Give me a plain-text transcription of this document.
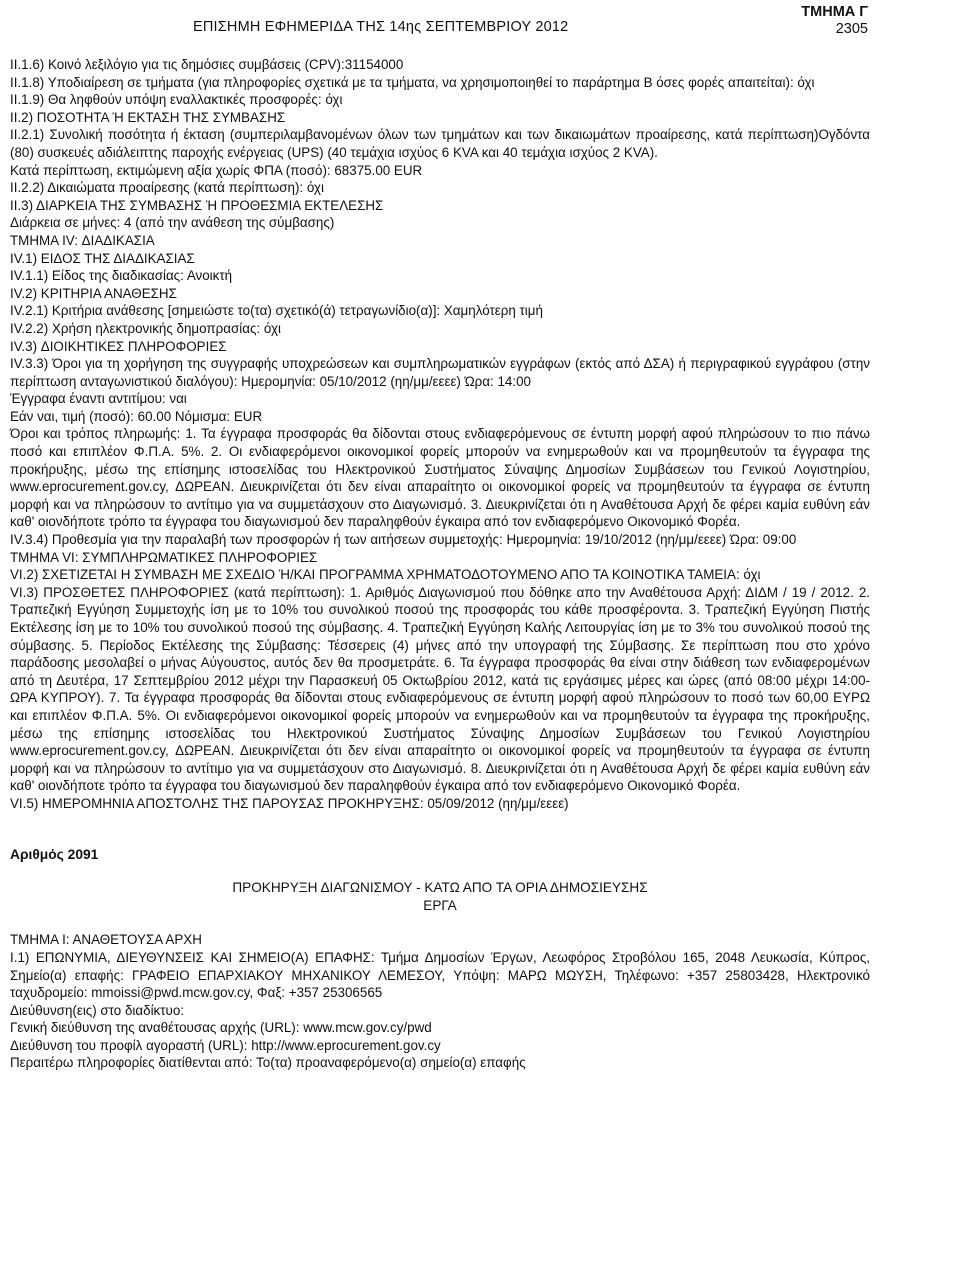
ΕΠΙΣΗΜΗ ΕΦΗΜΕΡΙΔΑ ΤΗΣ 14ης ΣΕΠΤΕΜΒΡΙΟΥ 2012
ΤΜΗΜΑ Γ
2305

ΙΙ.1.6) Κοινό λεξιλόγιο για τις δημόσιες συμβάσεις (CPV):31154000

ΙΙ.1.8) Υποδιαίρεση σε τμήματα (για πληροφορίες σχετικά με τα τμήματα, να χρησιμοποιηθεί το παράρτημα Β όσες φορές απαιτείται): όχι

ΙΙ.1.9) Θα ληφθούν υπόψη εναλλακτικές προσφορές: όχι

ΙΙ.2) ΠΟΣΟΤΗΤΑ Ή ΕΚΤΑΣΗ ΤΗΣ ΣΥΜΒΑΣΗΣ

ΙΙ.2.1) Συνολική ποσότητα ή έκταση (συμπεριλαμβανομένων όλων των τμημάτων και των δικαιωμάτων προαίρεσης, κατά περίπτωση)Ογδόντα (80) συσκευές αδιάλειπτης παροχής ενέργειας (UPS) (40 τεμάχια ισχύος 6 KVA και 40 τεμάχια ισχύος 2 KVA).

Κατά περίπτωση, εκτιμώμενη αξία χωρίς ΦΠΑ (ποσό): 68375.00 EUR

ΙΙ.2.2) Δικαιώματα προαίρεσης (κατά περίπτωση): όχι

ΙΙ.3) ΔΙΑΡΚΕΙΑ ΤΗΣ ΣΥΜΒΑΣΗΣ Ή ΠΡΟΘΕΣΜΙΑ ΕΚΤΕΛΕΣΗΣ

Διάρκεια σε μήνες: 4 (από την ανάθεση της σύμβασης)

ΤΜΗΜΑ IV: ΔΙΑΔΙΚΑΣΙΑ

IV.1) ΕΙΔΟΣ ΤΗΣ ΔΙΑΔΙΚΑΣΙΑΣ

IV.1.1) Είδος της διαδικασίας: Ανοικτή

IV.2) ΚΡΙΤΗΡΙΑ ΑΝΑΘΕΣΗΣ

IV.2.1) Κριτήρια ανάθεσης [σημειώστε το(τα) σχετικό(ά) τετραγωνίδιο(α)]: Χαμηλότερη τιμή

IV.2.2) Χρήση ηλεκτρονικής δημοπρασίας: όχι

IV.3) ΔΙΟΙΚΗΤΙΚΕΣ ΠΛΗΡΟΦΟΡΙΕΣ

IV.3.3) Όροι για τη χορήγηση της συγγραφής υποχρεώσεων και συμπληρωματικών εγγράφων (εκτός από ΔΣΑ) ή περιγραφικού εγγράφου (στην περίπτωση ανταγωνιστικού διαλόγου): Ημερομηνία: 05/10/2012 (ηη/μμ/εεεε) Ώρα: 14:00

Έγγραφα έναντι αντιτίμου: ναι

Εάν ναι, τιμή (ποσό): 60.00 Νόμισμα: EUR

Όροι και τρόπος πληρωμής: 1. Τα έγγραφα προσφοράς θα δίδονται στους ενδιαφερόμενους σε έντυπη μορφή αφού πληρώσουν το πιο πάνω ποσό και επιπλέον Φ.Π.Α. 5%. 2. Οι ενδιαφερόμενοι οικονομικοί φορείς μπορούν να ενημερωθούν και να προμηθευτούν τα έγγραφα της προκήρυξης, μέσω της επίσημης ιστοσελίδας του Ηλεκτρονικού Συστήματος Σύναψης Δημοσίων Συμβάσεων του Γενικού Λογιστηρίου, www.eprocurement.gov.cy, ΔΩΡΕΑΝ. Διευκρινίζεται ότι δεν είναι απαραίτητο οι οικονομικοί φορείς να προμηθευτούν τα έγγραφα σε έντυπη μορφή και να πληρώσουν το αντίτιμο για να συμμετάσχουν στο Διαγωνισμό. 3. Διευκρινίζεται ότι η Αναθέτουσα Αρχή δε φέρει καμία ευθύνη εάν καθ' οιονδήποτε τρόπο τα έγγραφα του διαγωνισμού δεν παραληφθούν έγκαιρα από τον ενδιαφερόμενο Οικονομικό Φορέα.

IV.3.4) Προθεσμία για την παραλαβή των προσφορών ή των αιτήσεων συμμετοχής: Ημερομηνία: 19/10/2012 (ηη/μμ/εεεε) Ώρα: 09:00

ΤΜΗΜΑ VI: ΣΥΜΠΛΗΡΩΜΑΤΙΚΕΣ ΠΛΗΡΟΦΟΡΙΕΣ

VI.2) ΣΧΕΤΙΖΕΤΑΙ Η ΣΥΜΒΑΣΗ ΜΕ ΣΧΕΔΙΟ Ή/ΚΑΙ ΠΡΟΓΡΑΜΜΑ ΧΡΗΜΑΤΟΔΟΤΟΥΜΕΝΟ ΑΠΟ ΤΑ ΚΟΙΝΟΤΙΚΑ ΤΑΜΕΙΑ: όχι

VI.3) ΠΡΟΣΘΕΤΕΣ ΠΛΗΡΟΦΟΡΙΕΣ (κατά περίπτωση): 1. Αριθμός Διαγωνισμού που δόθηκε απο την Αναθέτουσα Αρχή: ΔΙΔΜ / 19 / 2012. 2. Τραπεζική Εγγύηση Συμμετοχής ίση με το 10% του συνολικού ποσού της προσφοράς του κάθε προσφέροντα. 3. Τραπεζική Εγγύηση Πιστής Εκτέλεσης ίση με το 10% του συνολικού ποσού της σύμβασης. 4. Τραπεζική Εγγύηση Καλής Λειτουργίας ίση με το 3% του συνολικού ποσού της σύμβασης. 5. Περίοδος Εκτέλεσης της Σύμβασης: Τέσσερεις (4) μήνες από την υπογραφή της Σύμβασης. Σε περίπτωση που στο χρόνο παράδοσης μεσολαβεί ο μήνας Αύγουστος, αυτός δεν θα προσμετράτε. 6. Τα έγγραφα προσφοράς θα είναι στην διάθεση των ενδιαφερομένων από τη Δευτέρα, 17 Σεπτεμβρίου 2012 μέχρι την Παρασκευή 05 Οκτωβρίου 2012, κατά τις εργάσιμες μέρες και ώρες (από 08:00 μέχρι 14:00-ΩΡΑ ΚΥΠΡΟΥ). 7. Τα έγγραφα προσφοράς θα δίδονται στους ενδιαφερόμενους σε έντυπη μορφή αφού πληρώσουν το ποσό των 60,00 ΕΥΡΩ και επιπλέον Φ.Π.Α. 5%. Οι ενδιαφερόμενοι οικονομικοί φορείς μπορούν να ενημερωθούν και να προμηθευτούν τα έγγραφα της προκήρυξης, μέσω της επίσημης ιστοσελίδας του Ηλεκτρονικού Συστήματος Σύναψης Δημοσίων Συμβάσεων του Γενικού Λογιστηρίου www.eprocurement.gov.cy, ΔΩΡΕΑΝ. Διευκρινίζεται ότι δεν είναι απαραίτητο οι οικονομικοί φορείς να προμηθευτούν τα έγγραφα σε έντυπη μορφή και να πληρώσουν το αντίτιμο για να συμμετάσχουν στο Διαγωνισμό. 8. Διευκρινίζεται ότι η Αναθέτουσα Αρχή δε φέρει καμία ευθύνη εάν καθ' οιονδήποτε τρόπο τα έγγραφα του διαγωνισμού δεν παραληφθούν έγκαιρα από τον ενδιαφερόμενο Οικονομικό Φορέα.

VI.5) ΗΜΕΡΟΜΗΝΙΑ ΑΠΟΣΤΟΛΗΣ ΤΗΣ ΠΑΡΟΥΣΑΣ ΠΡΟΚΗΡΥΞΗΣ: 05/09/2012 (ηη/μμ/εεεε)

Αριθμός 2091

ΠΡΟΚΗΡΥΞΗ ΔΙΑΓΩΝΙΣΜΟΥ - ΚΑΤΩ ΑΠΟ ΤΑ ΟΡΙΑ ΔΗΜΟΣΙΕΥΣΗΣ

ΕΡΓΑ

ΤΜΗΜΑ Ι: ΑΝΑΘΕΤΟΥΣΑ ΑΡΧΗ

Ι.1) ΕΠΩΝΥΜΙΑ, ΔΙΕΥΘΥΝΣΕΙΣ ΚΑΙ ΣΗΜΕΙΟ(Α) ΕΠΑΦΗΣ: Τμήμα Δημοσίων Έργων, Λεωφόρος Στροβόλου 165, 2048 Λευκωσία, Κύπρος, Σημείο(α) επαφής: ΓΡΑΦΕΙΟ ΕΠΑΡΧΙΑΚΟΥ ΜΗΧΑΝΙΚΟΥ ΛΕΜΕΣΟΥ, Υπόψη: ΜΑΡΩ ΜΩΥΣΗ, Τηλέφωνο: +357 25803428, Ηλεκτρονικό ταχυδρομείο: mmoissi@pwd.mcw.gov.cy, Φαξ: +357 25306565

Διεύθυνση(εις) στο διαδίκτυο:

Γενική διεύθυνση της αναθέτουσας αρχής (URL): www.mcw.gov.cy/pwd

Διεύθυνση του προφίλ αγοραστή (URL): http://www.eprocurement.gov.cy

Περαιτέρω πληροφορίες διατίθενται από: Το(τα) προαναφερόμενο(α) σημείο(α) επαφής
